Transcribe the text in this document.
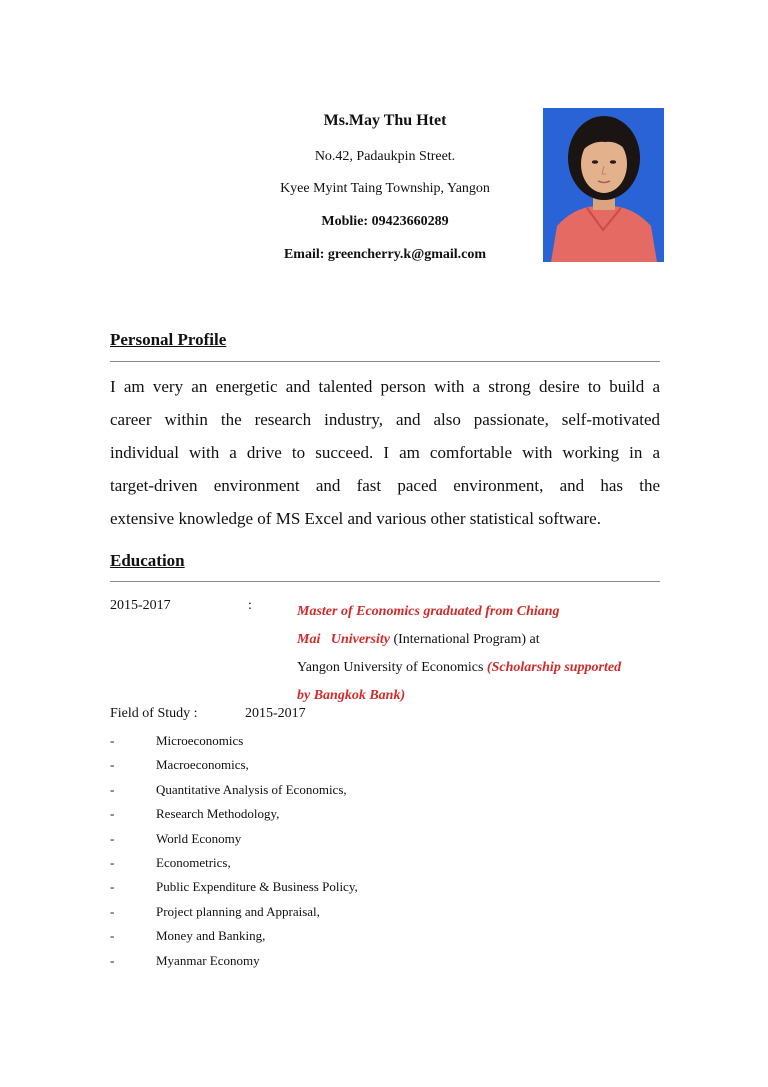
Ms.May Thu Htet
No.42, Padaukpin Street.
Kyee Myint Taing Township, Yangon
Moblie: 09423660289
Email: greencherry.k@gmail.com
Personal Profile
I am very an energetic and talented person with a strong desire to build a
career within the research industry, and also passionate, self-motivated
individual with a drive to succeed. I am comfortable with working in a
target-driven environment and fast paced environment, and has the
extensive knowledge of MS Excel and various other statistical software.
Education
2015-2017	:	Master of Economics graduated from Chiang
Mai   University (International Program) at
Yangon University of Economics (Scholarship supported
by Bangkok Bank)
Field of Study :	2015-2017
-	Microeconomics
-	Macroeconomics,
-	Quantitative Analysis of Economics,
-	Research Methodology,
-	World Economy
-	Econometrics,
-	Public Expenditure & Business Policy,
-	Project planning and Appraisal,
-	Money and Banking,
-	Myanmar Economy
